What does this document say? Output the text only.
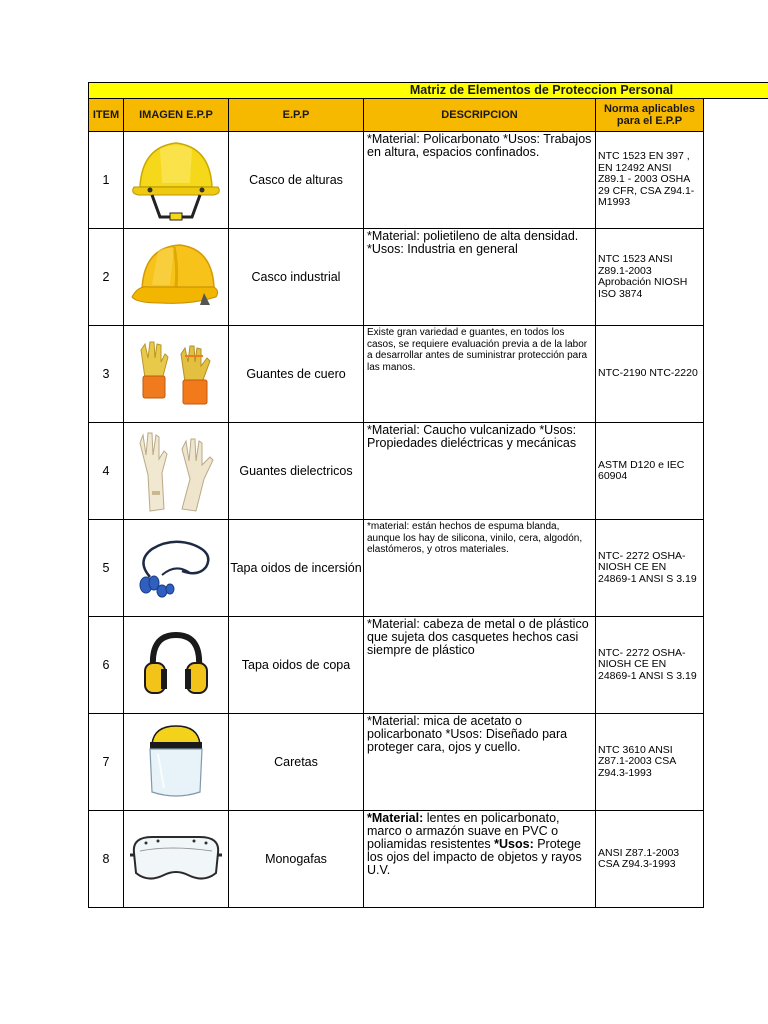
Matriz de Elementos de Proteccion Personal
ITEM	IMAGEN E.P.P	E.P.P	DESCRIPCION	Norma aplicables para el E.P.P
1		Casco de alturas	*Material: Policarbonato *Usos: Trabajos en altura, espacios confinados.	NTC 1523 EN 397 , EN 12492 ANSI Z89.1 - 2003 OSHA 29 CFR, CSA Z94.1-M1993
2		Casco industrial	*Material: polietileno de alta densidad. *Usos: Industria en general	NTC 1523 ANSI Z89.1-2003 Aprobación NIOSH ISO 3874
3		Guantes de cuero	Existe gran variedad e guantes, en todos los casos, se requiere evaluación previa a de la labor a desarrollar antes de suministrar protección para las manos.	NTC-2190 NTC-2220
4		Guantes dielectricos	*Material: Caucho vulcanizado *Usos: Propiedades dieléctricas y mecánicas	ASTM D120 e IEC 60904
5		Tapa oidos de incersión	*material: están hechos de espuma blanda, aunque los hay de silicona, vinilo, cera, algodón, elastómeros, y otros materiales.	NTC- 2272 OSHA-NIOSH CE EN 24869-1 ANSI S 3.19
6		Tapa oidos de copa	*Material: cabeza de metal o de plástico que sujeta dos casquetes hechos casi siempre de plástico	NTC- 2272 OSHA-NIOSH CE EN 24869-1 ANSI S 3.19
7		Caretas	*Material: mica de acetato o policarbonato *Usos: Diseñado para proteger cara, ojos y cuello.	NTC 3610 ANSI Z87.1-2003 CSA Z94.3-1993
8		Monogafas	*Material: lentes en policarbonato, marco o armazón suave en PVC o poliamidas resistentes *Usos: Protege los ojos del impacto de objetos y rayos U.V.	ANSI Z87.1-2003 CSA Z94.3-1993
